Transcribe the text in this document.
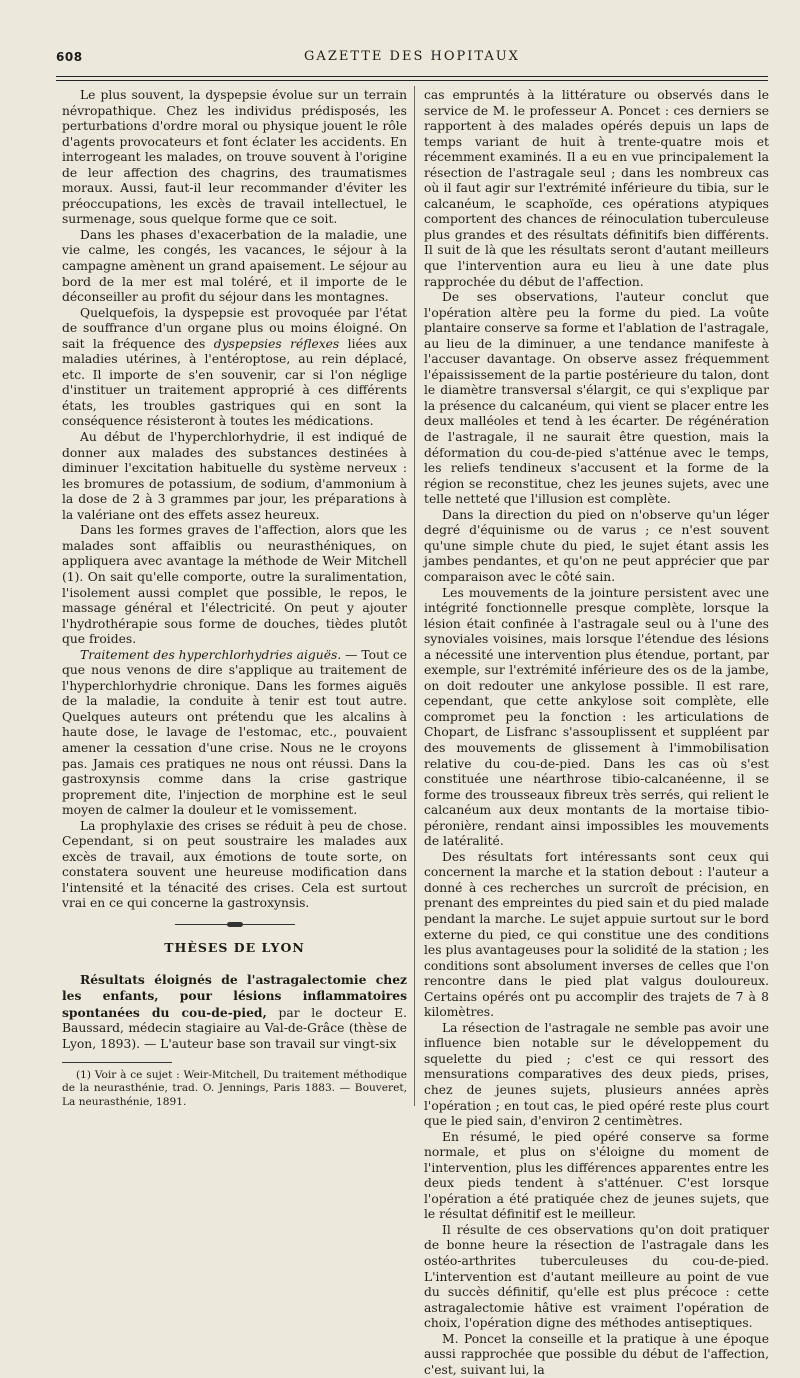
608	GAZETTE DES HOPITAUX

Le plus souvent, la dyspepsie évolue sur un terrain névropathique. Chez les individus prédisposés, les perturbations d'ordre moral ou physique jouent le rôle d'agents provocateurs et font éclater les accidents. En interrogeant les malades, on trouve souvent à l'origine de leur affection des chagrins, des traumatismes moraux. Aussi, faut-il leur recommander d'éviter les préoccupations, les excès de travail intellectuel, le surmenage, sous quelque forme que ce soit.

Dans les phases d'exacerbation de la maladie, une vie calme, les congés, les vacances, le séjour à la campagne amènent un grand apaisement. Le séjour au bord de la mer est mal toléré, et il importe de le déconseiller au profit du séjour dans les montagnes.

Quelquefois, la dyspepsie est provoquée par l'état de souffrance d'un organe plus ou moins éloigné. On sait la fréquence des dyspepsies réflexes liées aux maladies utérines, à l'entéroptose, au rein déplacé, etc. Il importe de s'en souvenir, car si l'on néglige d'instituer un traitement approprié à ces différents états, les troubles gastriques qui en sont la conséquence résisteront à toutes les médications.

Au début de l'hyperchlorhydrie, il est indiqué de donner aux malades des substances destinées à diminuer l'excitation habituelle du système nerveux : les bromures de potassium, de sodium, d'ammonium à la dose de 2 à 3 grammes par jour, les préparations à la valériane ont des effets assez heureux.

Dans les formes graves de l'affection, alors que les malades sont affaiblis ou neurasthéniques, on appliquera avec avantage la méthode de Weir Mitchell (1). On sait qu'elle comporte, outre la suralimentation, l'isolement aussi complet que possible, le repos, le massage général et l'électricité. On peut y ajouter l'hydrothérapie sous forme de douches, tièdes plutôt que froides.

Traitement des hyperchlorhydries aiguës. — Tout ce que nous venons de dire s'applique au traitement de l'hyperchlorhydrie chronique. Dans les formes aiguës de la maladie, la conduite à tenir est tout autre. Quelques auteurs ont prétendu que les alcalins à haute dose, le lavage de l'estomac, etc., pouvaient amener la cessation d'une crise. Nous ne le croyons pas. Jamais ces pratiques ne nous ont réussi. Dans la gastroxynsis comme dans la crise gastrique proprement dite, l'injection de morphine est le seul moyen de calmer la douleur et le vomissement.

La prophylaxie des crises se réduit à peu de chose. Cependant, si on peut soustraire les malades aux excès de travail, aux émotions de toute sorte, on constatera souvent une heureuse modification dans l'intensité et la ténacité des crises. Cela est surtout vrai en ce qui concerne la gastroxynsis.

THÈSES DE LYON

Résultats éloignés de l'astragalectomie chez les enfants, pour lésions inflammatoires spontanées du cou-de-pied, par le docteur E. Baussard, médecin stagiaire au Val-de-Grâce (thèse de Lyon, 1893). — L'auteur base son travail sur vingt-six

(1) Voir à ce sujet : Weir-Mitchell, Du traitement méthodique de la neurasthénie, trad. O. Jennings, Paris 1883. — Bouveret, La neurasthénie, 1891.

cas empruntés à la littérature ou observés dans le service de M. le professeur A. Poncet : ces derniers se rapportent à des malades opérés depuis un laps de temps variant de huit à trente-quatre mois et récemment examinés. Il a eu en vue principalement la résection de l'astragale seul ; dans les nombreux cas où il faut agir sur l'extrémité inférieure du tibia, sur le calcanéum, le scaphoïde, ces opérations atypiques comportent des chances de réinoculation tuberculeuse plus grandes et des résultats définitifs bien différents. Il suit de là que les résultats seront d'autant meilleurs que l'intervention aura eu lieu à une date plus rapprochée du début de l'affection.

De ses observations, l'auteur conclut que l'opération altère peu la forme du pied. La voûte plantaire conserve sa forme et l'ablation de l'astragale, au lieu de la diminuer, a une tendance manifeste à l'accuser davantage. On observe assez fréquemment l'épaississement de la partie postérieure du talon, dont le diamètre transversal s'élargit, ce qui s'explique par la présence du calcanéum, qui vient se placer entre les deux malléoles et tend à les écarter. De régénération de l'astragale, il ne saurait être question, mais la déformation du cou-de-pied s'atténue avec le temps, les reliefs tendineux s'accusent et la forme de la région se reconstitue, chez les jeunes sujets, avec une telle netteté que l'illusion est complète.

Dans la direction du pied on n'observe qu'un léger degré d'équinisme ou de varus ; ce n'est souvent qu'une simple chute du pied, le sujet étant assis les jambes pendantes, et qu'on ne peut apprécier que par comparaison avec le côté sain.

Les mouvements de la jointure persistent avec une intégrité fonctionnelle presque complète, lorsque la lésion était confinée à l'astragale seul ou à l'une des synoviales voisines, mais lorsque l'étendue des lésions a nécessité une intervention plus étendue, portant, par exemple, sur l'extrémité inférieure des os de la jambe, on doit redouter une ankylose possible. Il est rare, cependant, que cette ankylose soit complète, elle compromet peu la fonction : les articulations de Chopart, de Lisfranc s'assouplissent et suppléent par des mouvements de glissement à l'immobilisation relative du cou-de-pied. Dans les cas où s'est constituée une néarthrose tibio-calcanéenne, il se forme des trousseaux fibreux très serrés, qui relient le calcanéum aux deux montants de la mortaise tibio-péronière, rendant ainsi impossibles les mouvements de latéralité.

Des résultats fort intéressants sont ceux qui concernent la marche et la station debout : l'auteur a donné à ces recherches un surcroît de précision, en prenant des empreintes du pied sain et du pied malade pendant la marche. Le sujet appuie surtout sur le bord externe du pied, ce qui constitue une des conditions les plus avantageuses pour la solidité de la station ; les conditions sont absolument inverses de celles que l'on rencontre dans le pied plat valgus douloureux. Certains opérés ont pu accomplir des trajets de 7 à 8 kilomètres.

La résection de l'astragale ne semble pas avoir une influence bien notable sur le développement du squelette du pied ; c'est ce qui ressort des mensurations comparatives des deux pieds, prises, chez de jeunes sujets, plusieurs années après l'opération ; en tout cas, le pied opéré reste plus court que le pied sain, d'environ 2 centimètres.

En résumé, le pied opéré conserve sa forme normale, et plus on s'éloigne du moment de l'intervention, plus les différences apparentes entre les deux pieds tendent à s'atténuer. C'est lorsque l'opération a été pratiquée chez de jeunes sujets, que le résultat définitif est le meilleur.

Il résulte de ces observations qu'on doit pratiquer de bonne heure la résection de l'astragale dans les ostéo-arthrites tuberculeuses du cou-de-pied. L'intervention est d'autant meilleure au point de vue du succès définitif, qu'elle est plus précoce : cette astragalectomie hâtive est vraiment l'opération de choix, l'opération digne des méthodes antiseptiques.

M. Poncet la conseille et la pratique à une époque aussi rapprochée que possible du début de l'affection, c'est, suivant lui, la
